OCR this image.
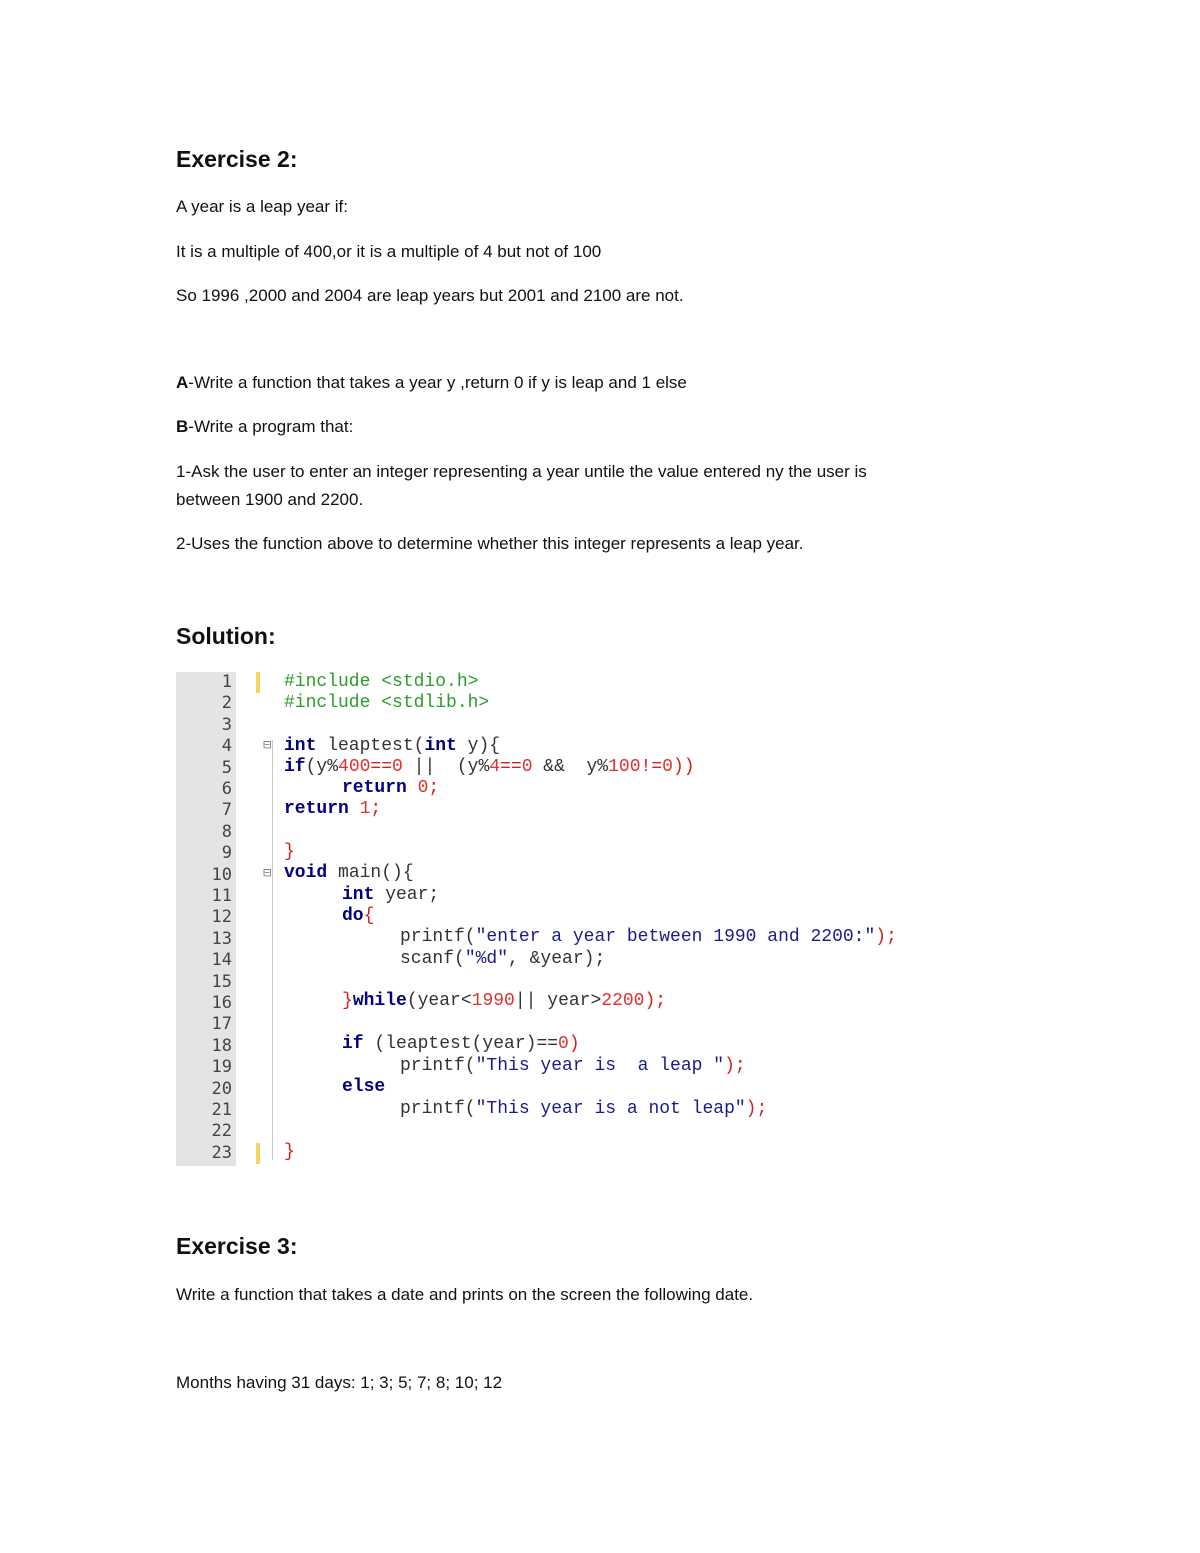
Exercise 2:

A year is a leap year if:

It is a multiple of 400,or it is a multiple of 4 but not of 100

So 1996 ,2000 and 2004 are leap years but 2001 and 2100 are not.

A-Write a function that takes a year y ,return 0 if y is leap and 1 else

B-Write a program that:

1-Ask the user to enter an integer representing a year untile the value entered ny the user is

between 1900 and 2200.

2-Uses the function above to determine whether this integer represents a leap year.

Solution:
⊟
⊟
1
2
3
4
5
6
7
8
9
10
11
12
13
14
15
16
17
18
19
20
21
22
23
#include <stdio.h>
#include <stdlib.h>
int leaptest(int y){
if(y%400==0 ||  (y%4==0 &&  y%100!=0))
return 0;
return 1;
}
void main(){
int year;
do{
printf("enter a year between 1990 and 2200:");
scanf("%d", &year);
}while(year<1990|| year>2200);
if (leaptest(year)==0)
printf("This year is  a leap ");
else
printf("This year is a not leap");
}
Exercise 3:

Write a function that takes a date and prints on the screen the following date.

Months having 31 days: 1; 3; 5; 7; 8; 10; 12
